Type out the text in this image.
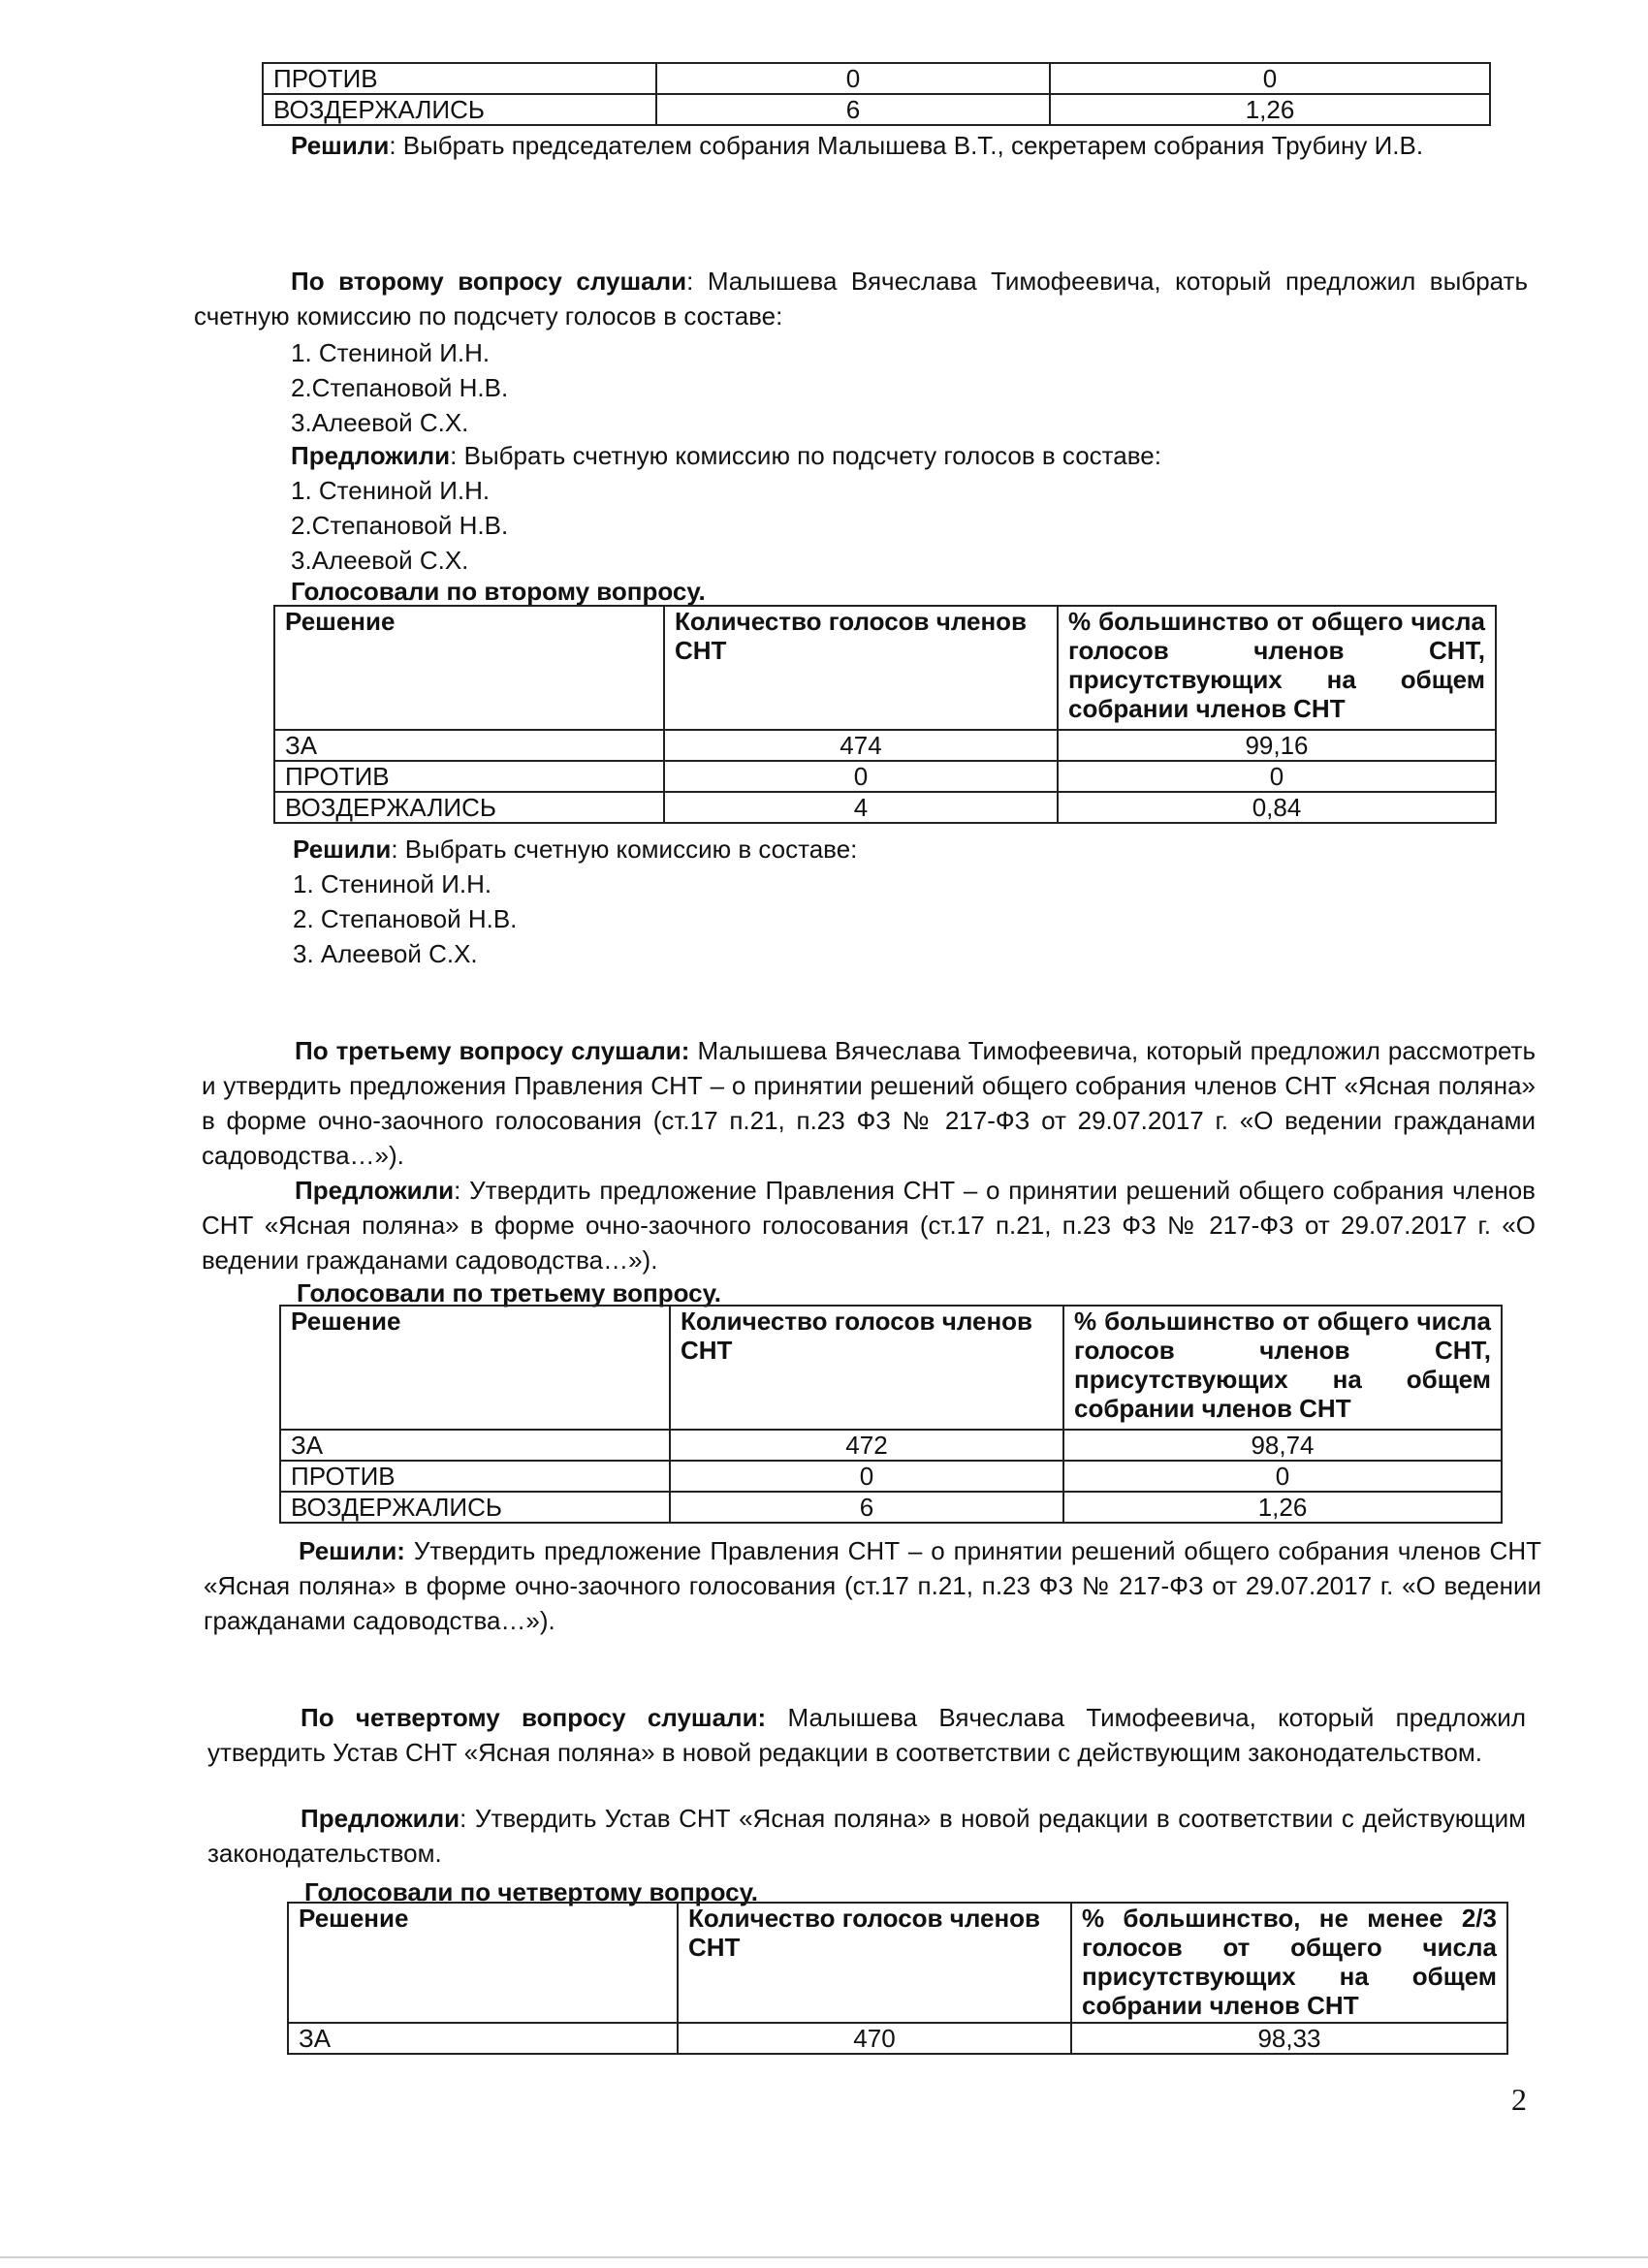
ПРОТИВ	0	0
ВОЗДЕРЖАЛИСЬ	6	1,26
Решили: Выбрать председателем собрания Малышева В.Т., секретарем собрания Трубину И.В.
По второму вопросу слушали: Малышева Вячеслава Тимофеевича, который предложил выбрать счетную комиссию по подсчету голосов в составе:
1. Стениной И.Н.
2.Степановой Н.В.
3.Алеевой С.Х.
Предложили: Выбрать счетную комиссию по подсчету голосов в составе:
1. Стениной И.Н.
2.Степановой Н.В.
3.Алеевой С.Х.
Голосовали по второму вопросу.
Решение	Количество голосов членов СНТ	% большинство от общего числа голосов членов СНТ, присутствующих на общем собрании членов СНТ
ЗА	474	99,16
ПРОТИВ	0	0
ВОЗДЕРЖАЛИСЬ	4	0,84
Решили: Выбрать счетную комиссию в составе:
1. Стениной И.Н.
2. Степановой Н.В.
3. Алеевой С.Х.
По третьему вопросу слушали: Малышева Вячеслава Тимофеевича, который предложил рассмотреть и утвердить предложения Правления СНТ – о принятии решений общего собрания членов СНТ «Ясная поляна» в форме очно-заочного голосования (ст.17 п.21, п.23 ФЗ № 217-ФЗ от 29.07.2017 г. «О ведении гражданами садоводства…»).
Предложили: Утвердить предложение Правления СНТ – о принятии решений общего собрания членов СНТ «Ясная поляна» в форме очно-заочного голосования (ст.17 п.21, п.23 ФЗ № 217-ФЗ от 29.07.2017 г. «О ведении гражданами садоводства…»).
Голосовали по третьему вопросу.
Решение	Количество голосов членов СНТ	% большинство от общего числа голосов членов СНТ, присутствующих на общем собрании членов СНТ
ЗА	472	98,74
ПРОТИВ	0	0
ВОЗДЕРЖАЛИСЬ	6	1,26
Решили: Утвердить предложение Правления СНТ – о принятии решений общего собрания членов СНТ «Ясная поляна» в форме очно-заочного голосования (ст.17 п.21, п.23 ФЗ № 217-ФЗ от 29.07.2017 г. «О ведении гражданами садоводства…»).
По четвертому вопросу слушали: Малышева Вячеслава Тимофеевича, который предложил утвердить Устав СНТ «Ясная поляна» в новой редакции в соответствии с действующим законодательством.
Предложили: Утвердить Устав СНТ «Ясная поляна» в новой редакции в соответствии с действующим законодательством.
Голосовали по четвертому вопросу.
Решение	Количество голосов членов СНТ	% большинство, не менее 2/3 голосов от общего числа присутствующих на общем собрании членов СНТ
ЗА	470	98,33
2
